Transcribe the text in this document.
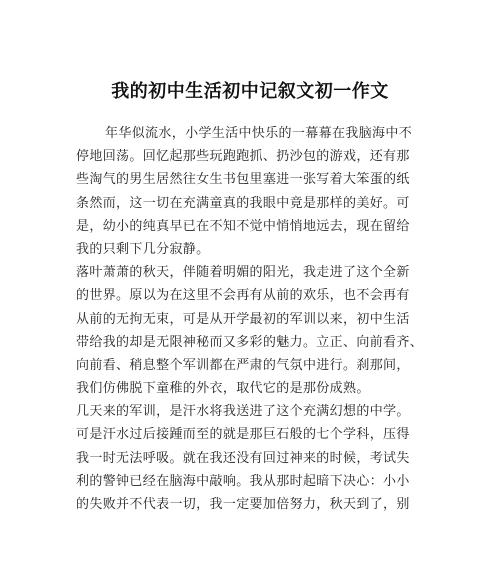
我的初中生活初中记叙文初一作文
年华似流水，小学生活中快乐的一幕幕在我脑海中不
停地回荡。回忆起那些玩跑跑抓、扔沙包的游戏，还有那
些淘气的男生居然往女生书包里塞进一张写着大笨蛋的纸
条然而，这一切在充满童真的我眼中竟是那样的美好。可
是，幼小的纯真早已在不知不觉中悄悄地远去，现在留给
我的只剩下几分寂静。
落叶萧萧的秋天，伴随着明媚的阳光，我走进了这个全新
的世界。原以为在这里不会再有从前的欢乐，也不会再有
从前的无拘无束，可是从开学最初的军训以来，初中生活
带给我的却是无限神秘而又多彩的魅力。立正、向前看齐、
向前看、稍息整个军训都在严肃的气氛中进行。刹那间，
我们仿佛脱下童稚的外衣，取代它的是那份成熟。
几天来的军训，是汗水将我送进了这个充满幻想的中学。
可是汗水过后接踵而至的就是那巨石般的七个学科，压得
我一时无法呼吸。就在我还没有回过神来的时候，考试失
利的警钟已经在脑海中敲响。我从那时起暗下决心：小小
的失败并不代表一切，我一定要加倍努力，秋天到了，别
